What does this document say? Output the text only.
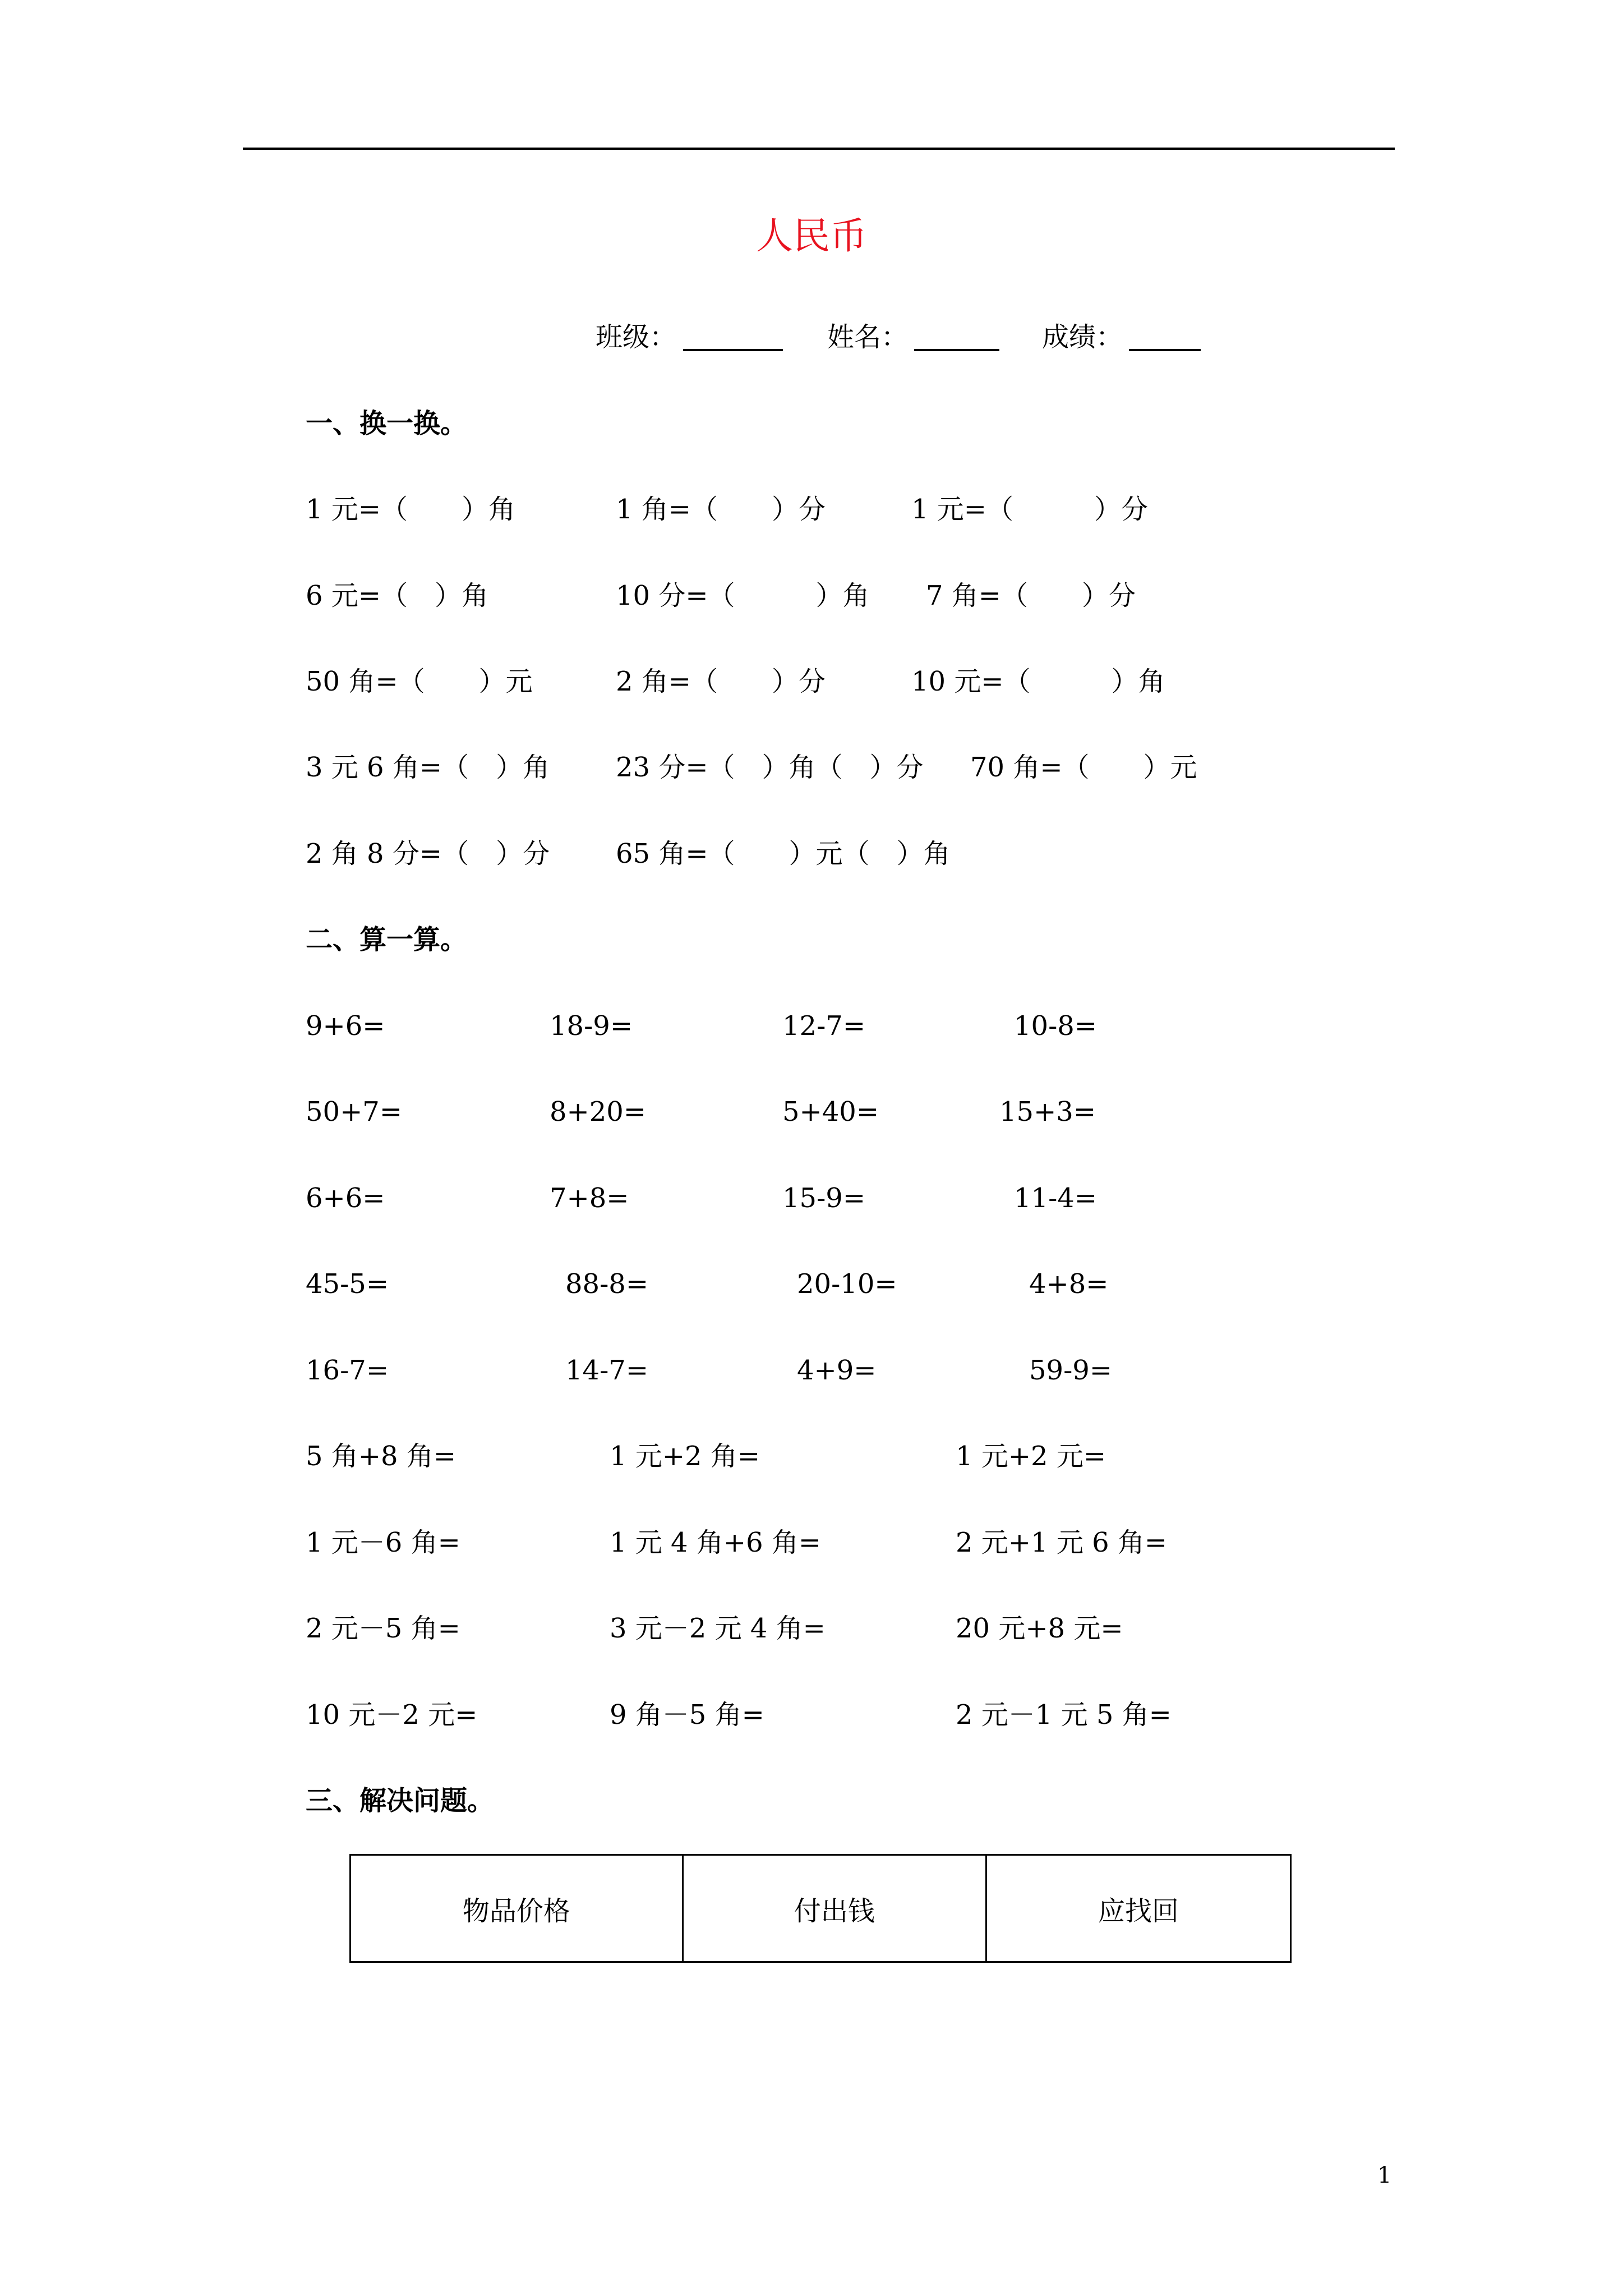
人民币
班级：	姓名：	成绩：
一、换一换。
1 元=（　　）角	1 角=（　　）分	1 元=（　　　）分
6 元=（　）角	10 分=（　　　）角 7 角=（　　）分
50 角=（　　）元	2 角=（　　）分	10 元=（　　　）角
3 元 6 角=（　）角 23 分=（　）角（　）分 70 角=（　　）元
2 角 8 分=（　）分 65 角=（　　）元（　）角
二、算一算。
9+6=	18-9=	12-7=	10-8=
50+7=	8+20=	5+40=	15+3=
6+6=	7+8=	15-9=	11-4=
45-5=	88-8=	20-10=	4+8=
16-7=	14-7=	4+9=	59-9=
5 角+8 角=	1 元+2 角=	1 元+2 元=
1 元－6 角=	1 元 4 角+6 角=	2 元+1 元 6 角=
2 元－5 角=	3 元－2 元 4 角=	20 元+8 元=
10 元－2 元=	9 角－5 角=	2 元－1 元 5 角=
三、解决问题。
物品价格	付出钱	应找回
1
